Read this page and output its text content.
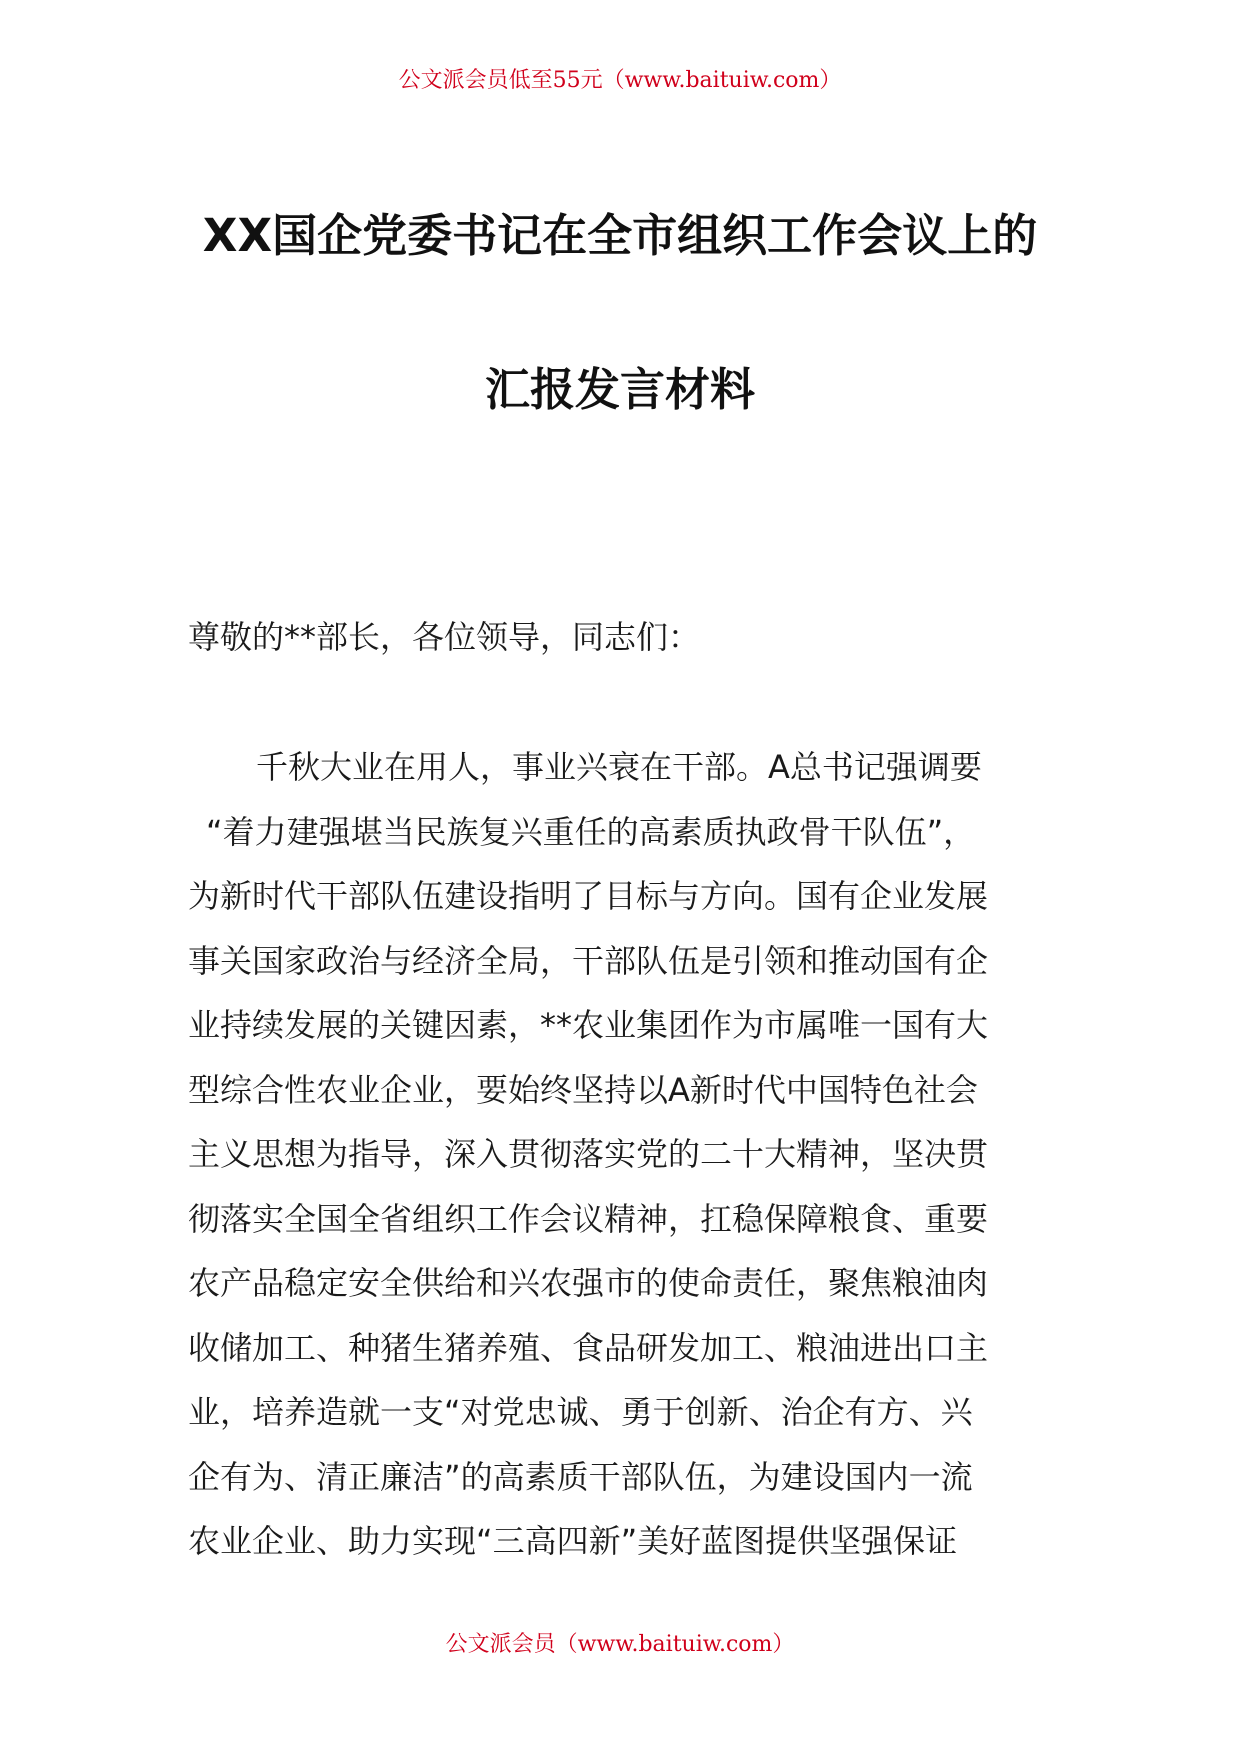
公文派会员低至55元（www.baituiw.com）
XX国企党委书记在全市组织工作会议上的
汇报发言材料
尊敬的**部长，各位领导，同志们：
千秋大业在用人，事业兴衰在干部。A总书记强调要
“着力建强堪当民族复兴重任的高素质执政骨干队伍”，
为新时代干部队伍建设指明了目标与方向。国有企业发展
事关国家政治与经济全局，干部队伍是引领和推动国有企
业持续发展的关键因素，**农业集团作为市属唯一国有大
型综合性农业企业，要始终坚持以A新时代中国特色社会
主义思想为指导，深入贯彻落实党的二十大精神，坚决贯
彻落实全国全省组织工作会议精神，扛稳保障粮食、重要
农产品稳定安全供给和兴农强市的使命责任，聚焦粮油肉
收储加工、种猪生猪养殖、食品研发加工、粮油进出口主
业，培养造就一支“对党忠诚、勇于创新、治企有方、兴
企有为、清正廉洁”的高素质干部队伍，为建设国内一流
农业企业、助力实现“三高四新”美好蓝图提供坚强保证
公文派会员（www.baituiw.com）
